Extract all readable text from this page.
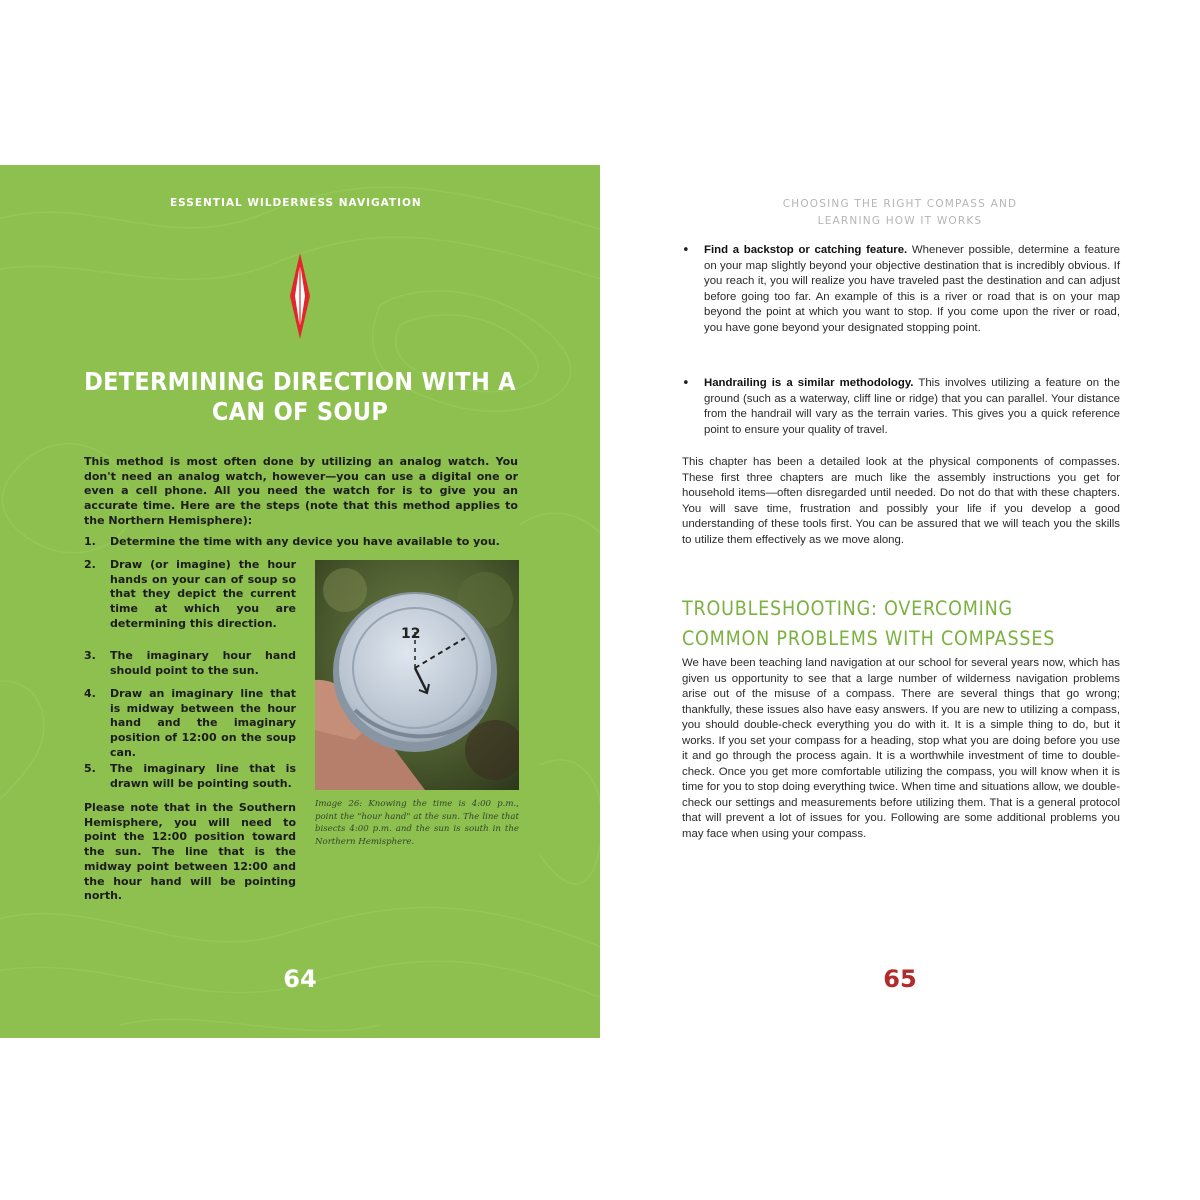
ESSENTIAL WILDERNESS NAVIGATION
DETERMINING DIRECTION WITH A
CAN OF SOUP
This method is most often done by utilizing an analog watch. You don't need an analog watch, however—you can use a digital one or even a cell phone. All you need the watch for is to give you an accurate time. Here are the steps (note that this method applies to the Northern Hemisphere):
1. Determine the time with any device you have available to you.
2. Draw (or imagine) the hour hands on your can of soup so that they depict the current time at which you are determining this direction.
3. The imaginary hour hand should point to the sun.
4. Draw an imaginary line that is midway between the hour hand and the imaginary position of 12:00 on the soup can.
5. The imaginary line that is drawn will be pointing south.
Please note that in the Southern Hemisphere, you will need to point the 12:00 position toward the sun. The line that is the midway point between 12:00 and the hour hand will be pointing north.
12
Image 26: Knowing the time is 4:00 p.m., point the "hour hand" at the sun. The line that bisects 4:00 p.m. and the sun is south in the Northern Hemisphere.
64
CHOOSING THE RIGHT COMPASS AND
LEARNING HOW IT WORKS
• Find a backstop or catching feature. Whenever possible, determine a feature on your map slightly beyond your objective destination that is incredibly obvious. If you reach it, you will realize you have traveled past the destination and can adjust before going too far. An example of this is a river or road that is on your map beyond the point at which you want to stop. If you come upon the river or road, you have gone beyond your designated stopping point.
• Handrailing is a similar methodology. This involves utilizing a feature on the ground (such as a waterway, cliff line or ridge) that you can parallel. Your distance from the handrail will vary as the terrain varies. This gives you a quick reference point to ensure your quality of travel.
This chapter has been a detailed look at the physical components of compasses. These first three chapters are much like the assembly instructions you get for household items—often disregarded until needed. Do not do that with these chapters. You will save time, frustration and possibly your life if you develop a good understanding of these tools first. You can be assured that we will teach you the skills to utilize them effectively as we move along.
TROUBLESHOOTING: OVERCOMING
COMMON PROBLEMS WITH COMPASSES
We have been teaching land navigation at our school for several years now, which has given us opportunity to see that a large number of wilderness navigation problems arise out of the misuse of a compass. There are several things that go wrong; thankfully, these issues also have easy answers. If you are new to utilizing a compass, you should double-check everything you do with it. It is a simple thing to do, but it works. If you set your compass for a heading, stop what you are doing before you use it and go through the process again. It is a worthwhile investment of time to double-check. Once you get more comfortable utilizing the compass, you will know when it is time for you to stop doing everything twice. When time and situations allow, we double-check our settings and measurements before utilizing them. That is a general protocol that will prevent a lot of issues for you. Following are some additional problems you may face when using your compass.
65
